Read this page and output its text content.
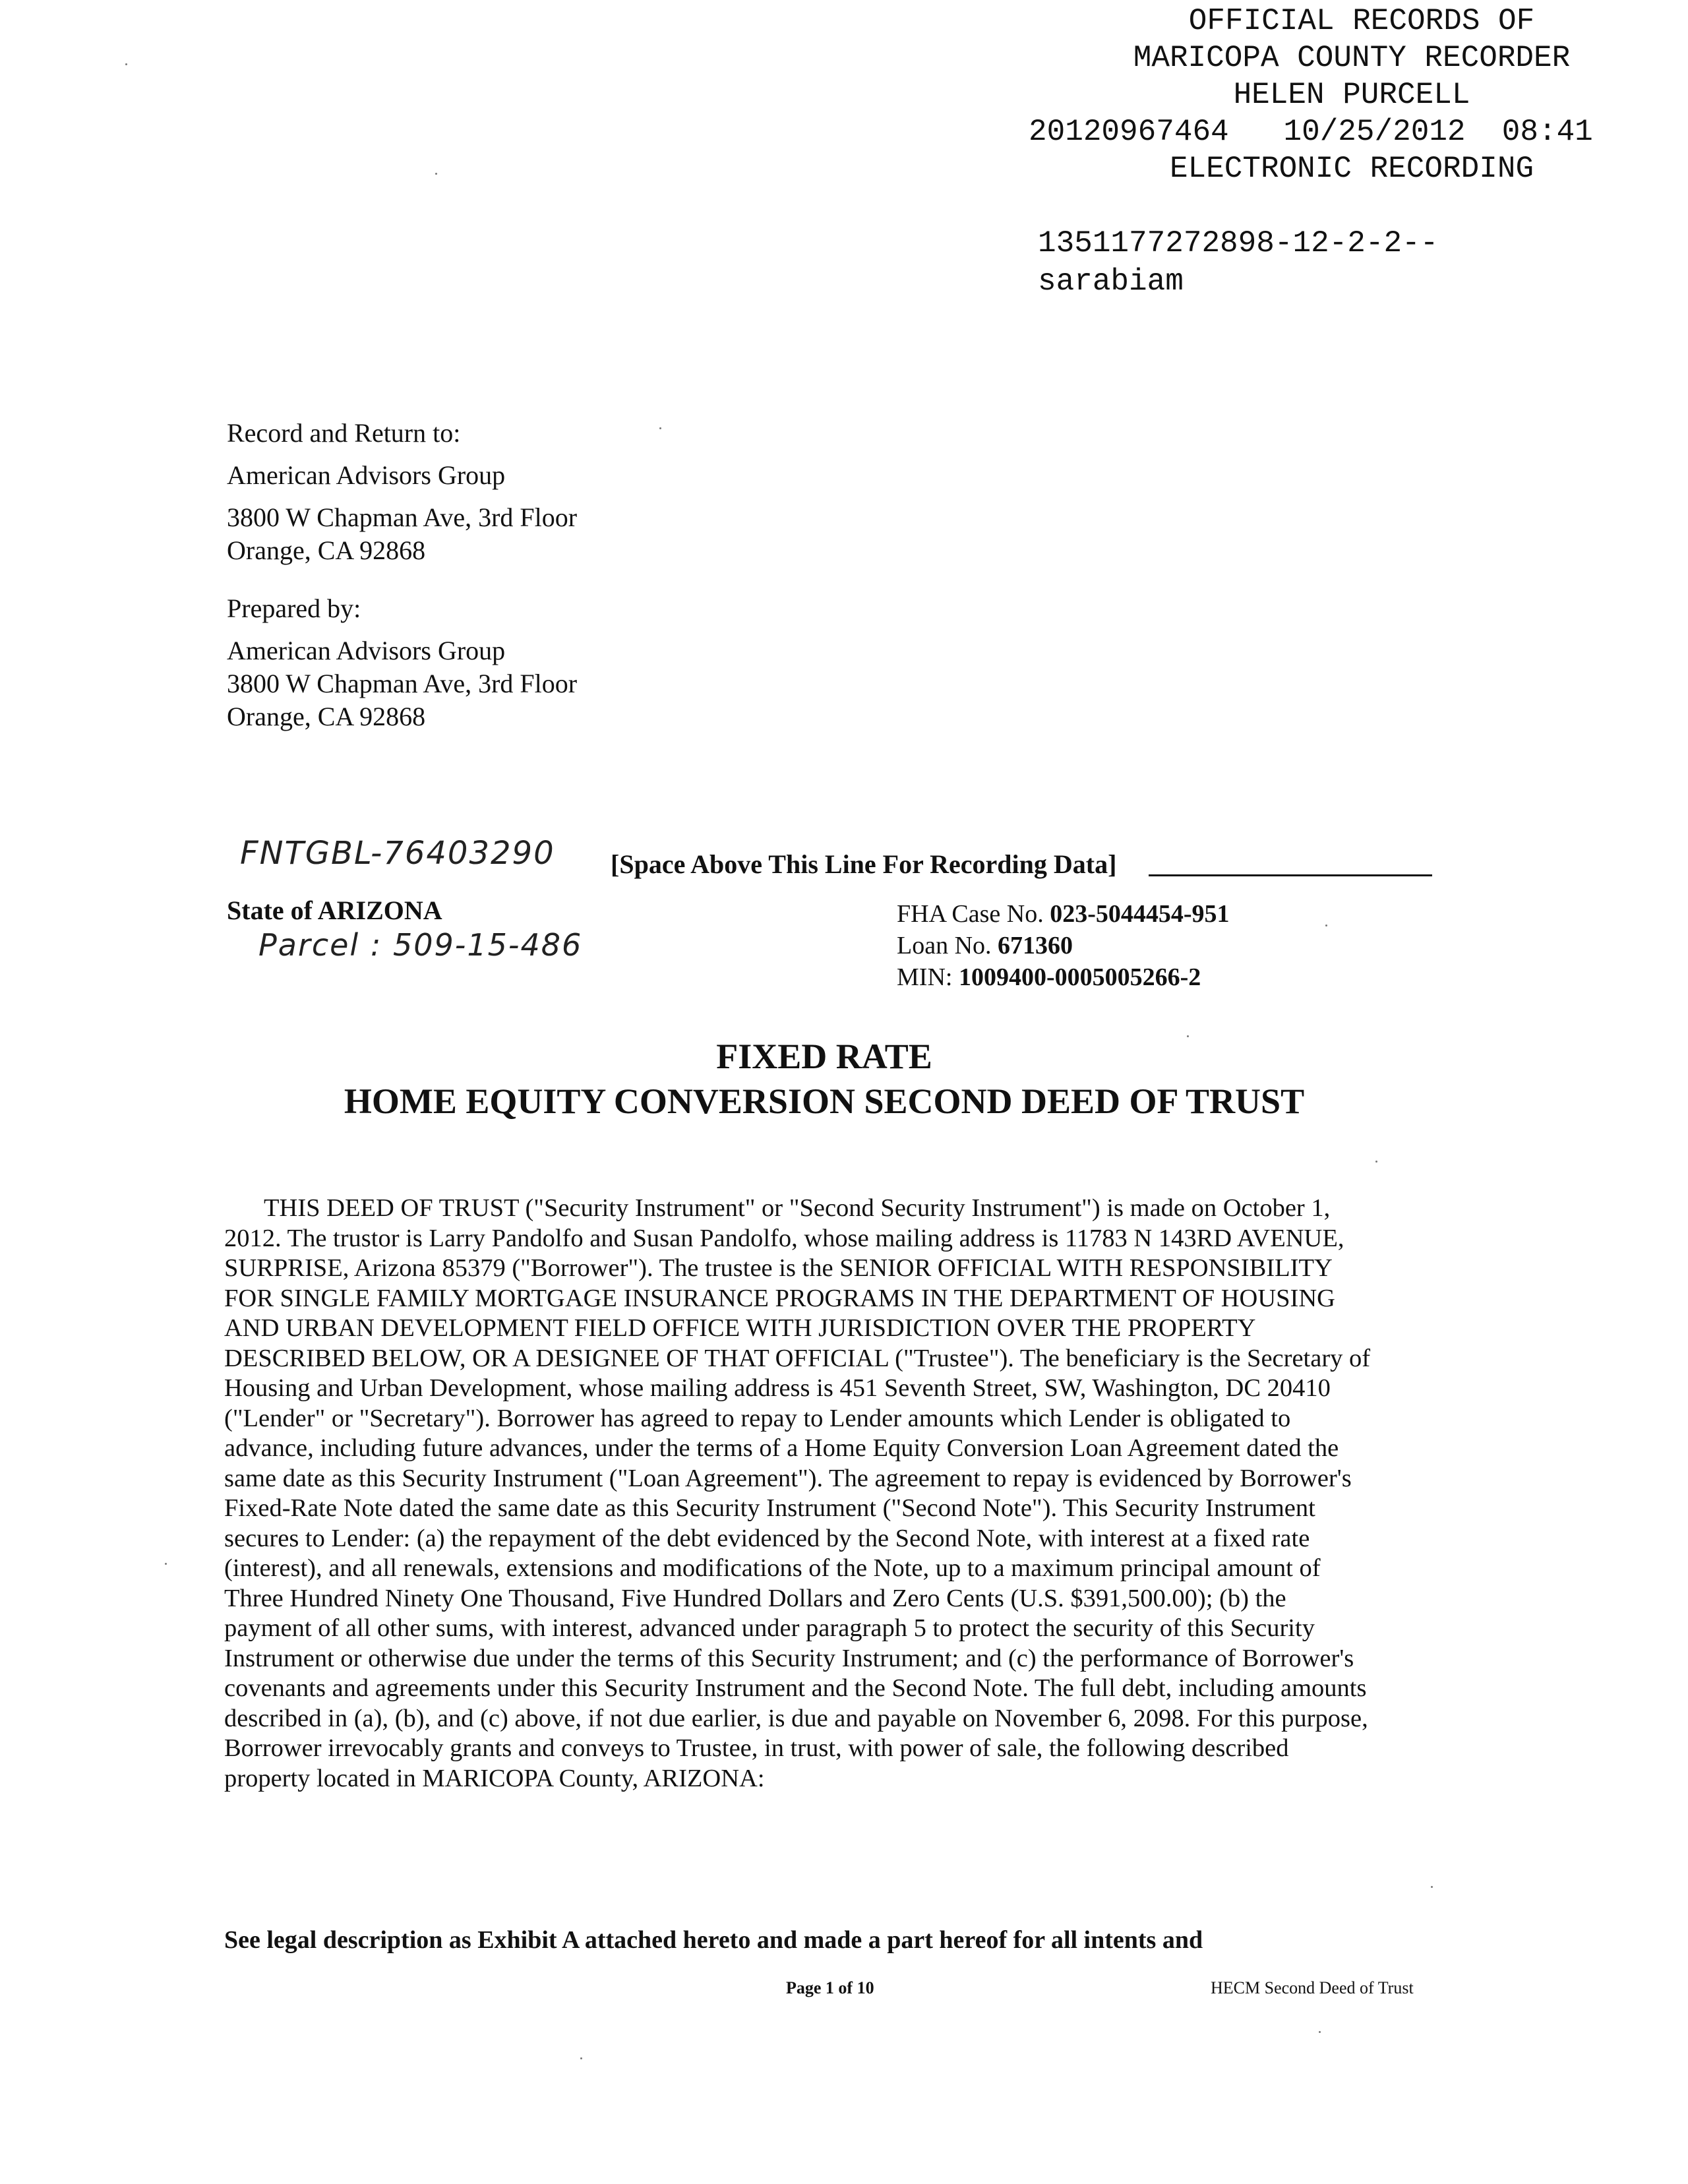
OFFICIAL RECORDS OF
MARICOPA COUNTY RECORDER
HELEN PURCELL
20120967464 10/25/2012 08:41
ELECTRONIC RECORDING
1351177272898-12-2-2--
sarabiam
Record and Return to:
American Advisors Group
3800 W Chapman Ave, 3rd Floor
Orange, CA 92868
Prepared by:
American Advisors Group
3800 W Chapman Ave, 3rd Floor
Orange, CA 92868
FNTGBL-76403290
Parcel : 509-15-486
[Space Above This Line For Recording Data]
State of ARIZONA	FHA Case No. 023-5044454-951
Loan No. 671360
MIN: 1009400-0005005266-2
FIXED RATE
HOME EQUITY CONVERSION SECOND DEED OF TRUST

THIS DEED OF TRUST ("Security Instrument" or "Second Security Instrument") is made on October 1, 2012. The trustor is Larry Pandolfo and Susan Pandolfo, whose mailing address is 11783 N 143RD AVENUE, SURPRISE, Arizona 85379 ("Borrower"). The trustee is the SENIOR OFFICIAL WITH RESPONSIBILITY FOR SINGLE FAMILY MORTGAGE INSURANCE PROGRAMS IN THE DEPARTMENT OF HOUSING AND URBAN DEVELOPMENT FIELD OFFICE WITH JURISDICTION OVER THE PROPERTY DESCRIBED BELOW, OR A DESIGNEE OF THAT OFFICIAL ("Trustee"). The beneficiary is the Secretary of Housing and Urban Development, whose mailing address is 451 Seventh Street, SW, Washington, DC 20410 ("Lender" or "Secretary"). Borrower has agreed to repay to Lender amounts which Lender is obligated to advance, including future advances, under the terms of a Home Equity Conversion Loan Agreement dated the same date as this Security Instrument ("Loan Agreement"). The agreement to repay is evidenced by Borrower's Fixed-Rate Note dated the same date as this Security Instrument ("Second Note"). This Security Instrument secures to Lender: (a) the repayment of the debt evidenced by the Second Note, with interest at a fixed rate (interest), and all renewals, extensions and modifications of the Note, up to a maximum principal amount of Three Hundred Ninety One Thousand, Five Hundred Dollars and Zero Cents (U.S. $391,500.00); (b) the payment of all other sums, with interest, advanced under paragraph 5 to protect the security of this Security Instrument or otherwise due under the terms of this Security Instrument; and (c) the performance of Borrower's covenants and agreements under this Security Instrument and the Second Note. The full debt, including amounts described in (a), (b), and (c) above, if not due earlier, is due and payable on November 6, 2098. For this purpose, Borrower irrevocably grants and conveys to Trustee, in trust, with power of sale, the following described property located in MARICOPA County, ARIZONA:

See legal description as Exhibit A attached hereto and made a part hereof for all intents and
Page 1 of 10	HECM Second Deed of Trust
